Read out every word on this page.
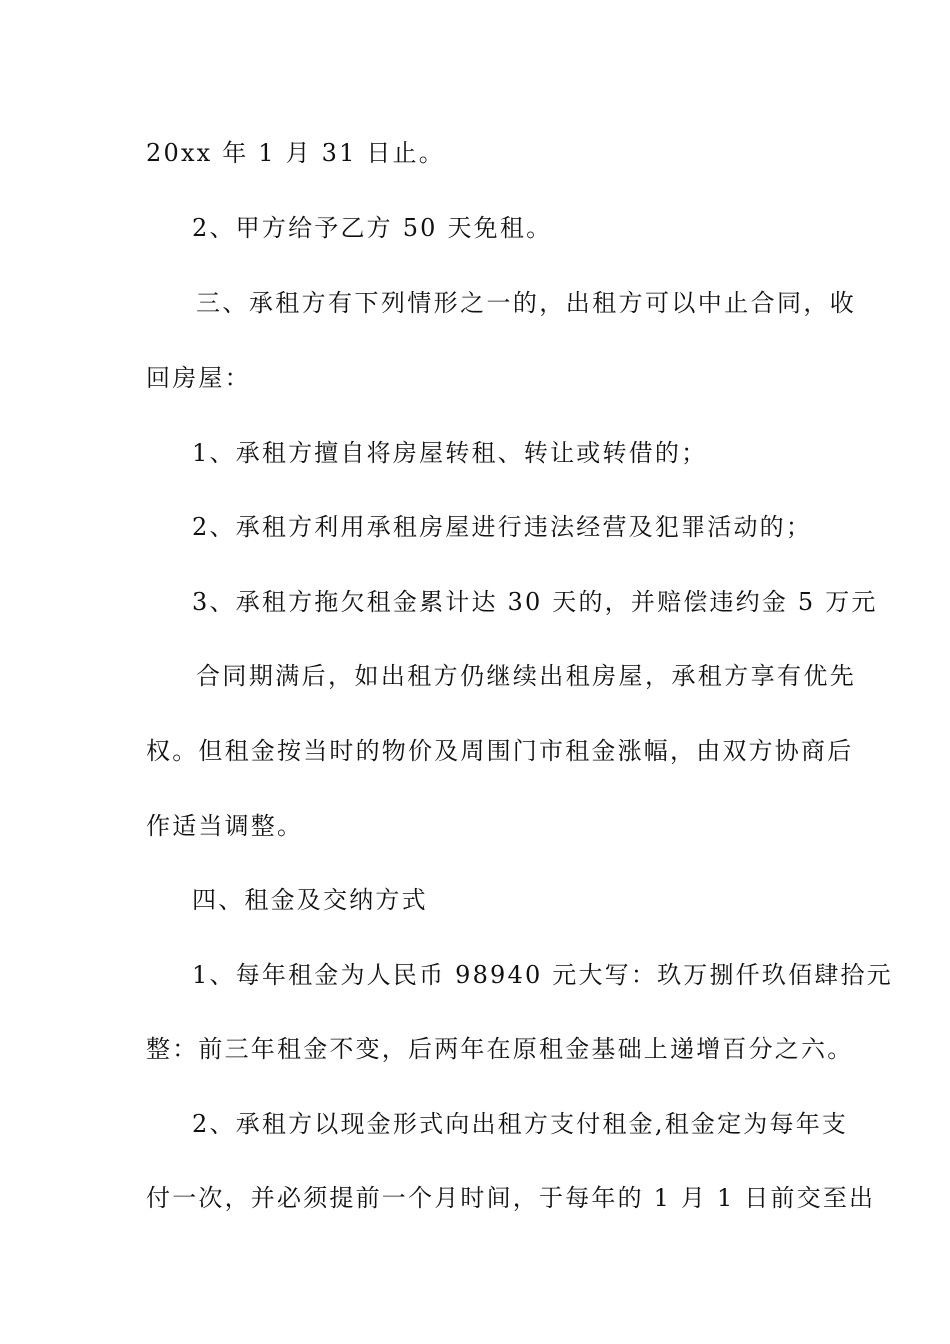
20xx 年 1 月 31 日止。
2、甲方给予乙方 50 天免租。
三、承租方有下列情形之一的，出租方可以中止合同，收
回房屋：
1、承租方擅自将房屋转租、转让或转借的；
2、承租方利用承租房屋进行违法经营及犯罪活动的；
3、承租方拖欠租金累计达 30 天的，并赔偿违约金 5 万元
合同期满后，如出租方仍继续出租房屋，承租方享有优先
权。但租金按当时的物价及周围门市租金涨幅，由双方协商后
作适当调整。
四、租金及交纳方式
1、每年租金为人民币 98940 元大写：玖万捌仟玖佰肆拾元
整：前三年租金不变，后两年在原租金基础上递增百分之六。
2、承租方以现金形式向出租方支付租金,租金定为每年支
付一次，并必须提前一个月时间，于每年的 1 月 1 日前交至出
